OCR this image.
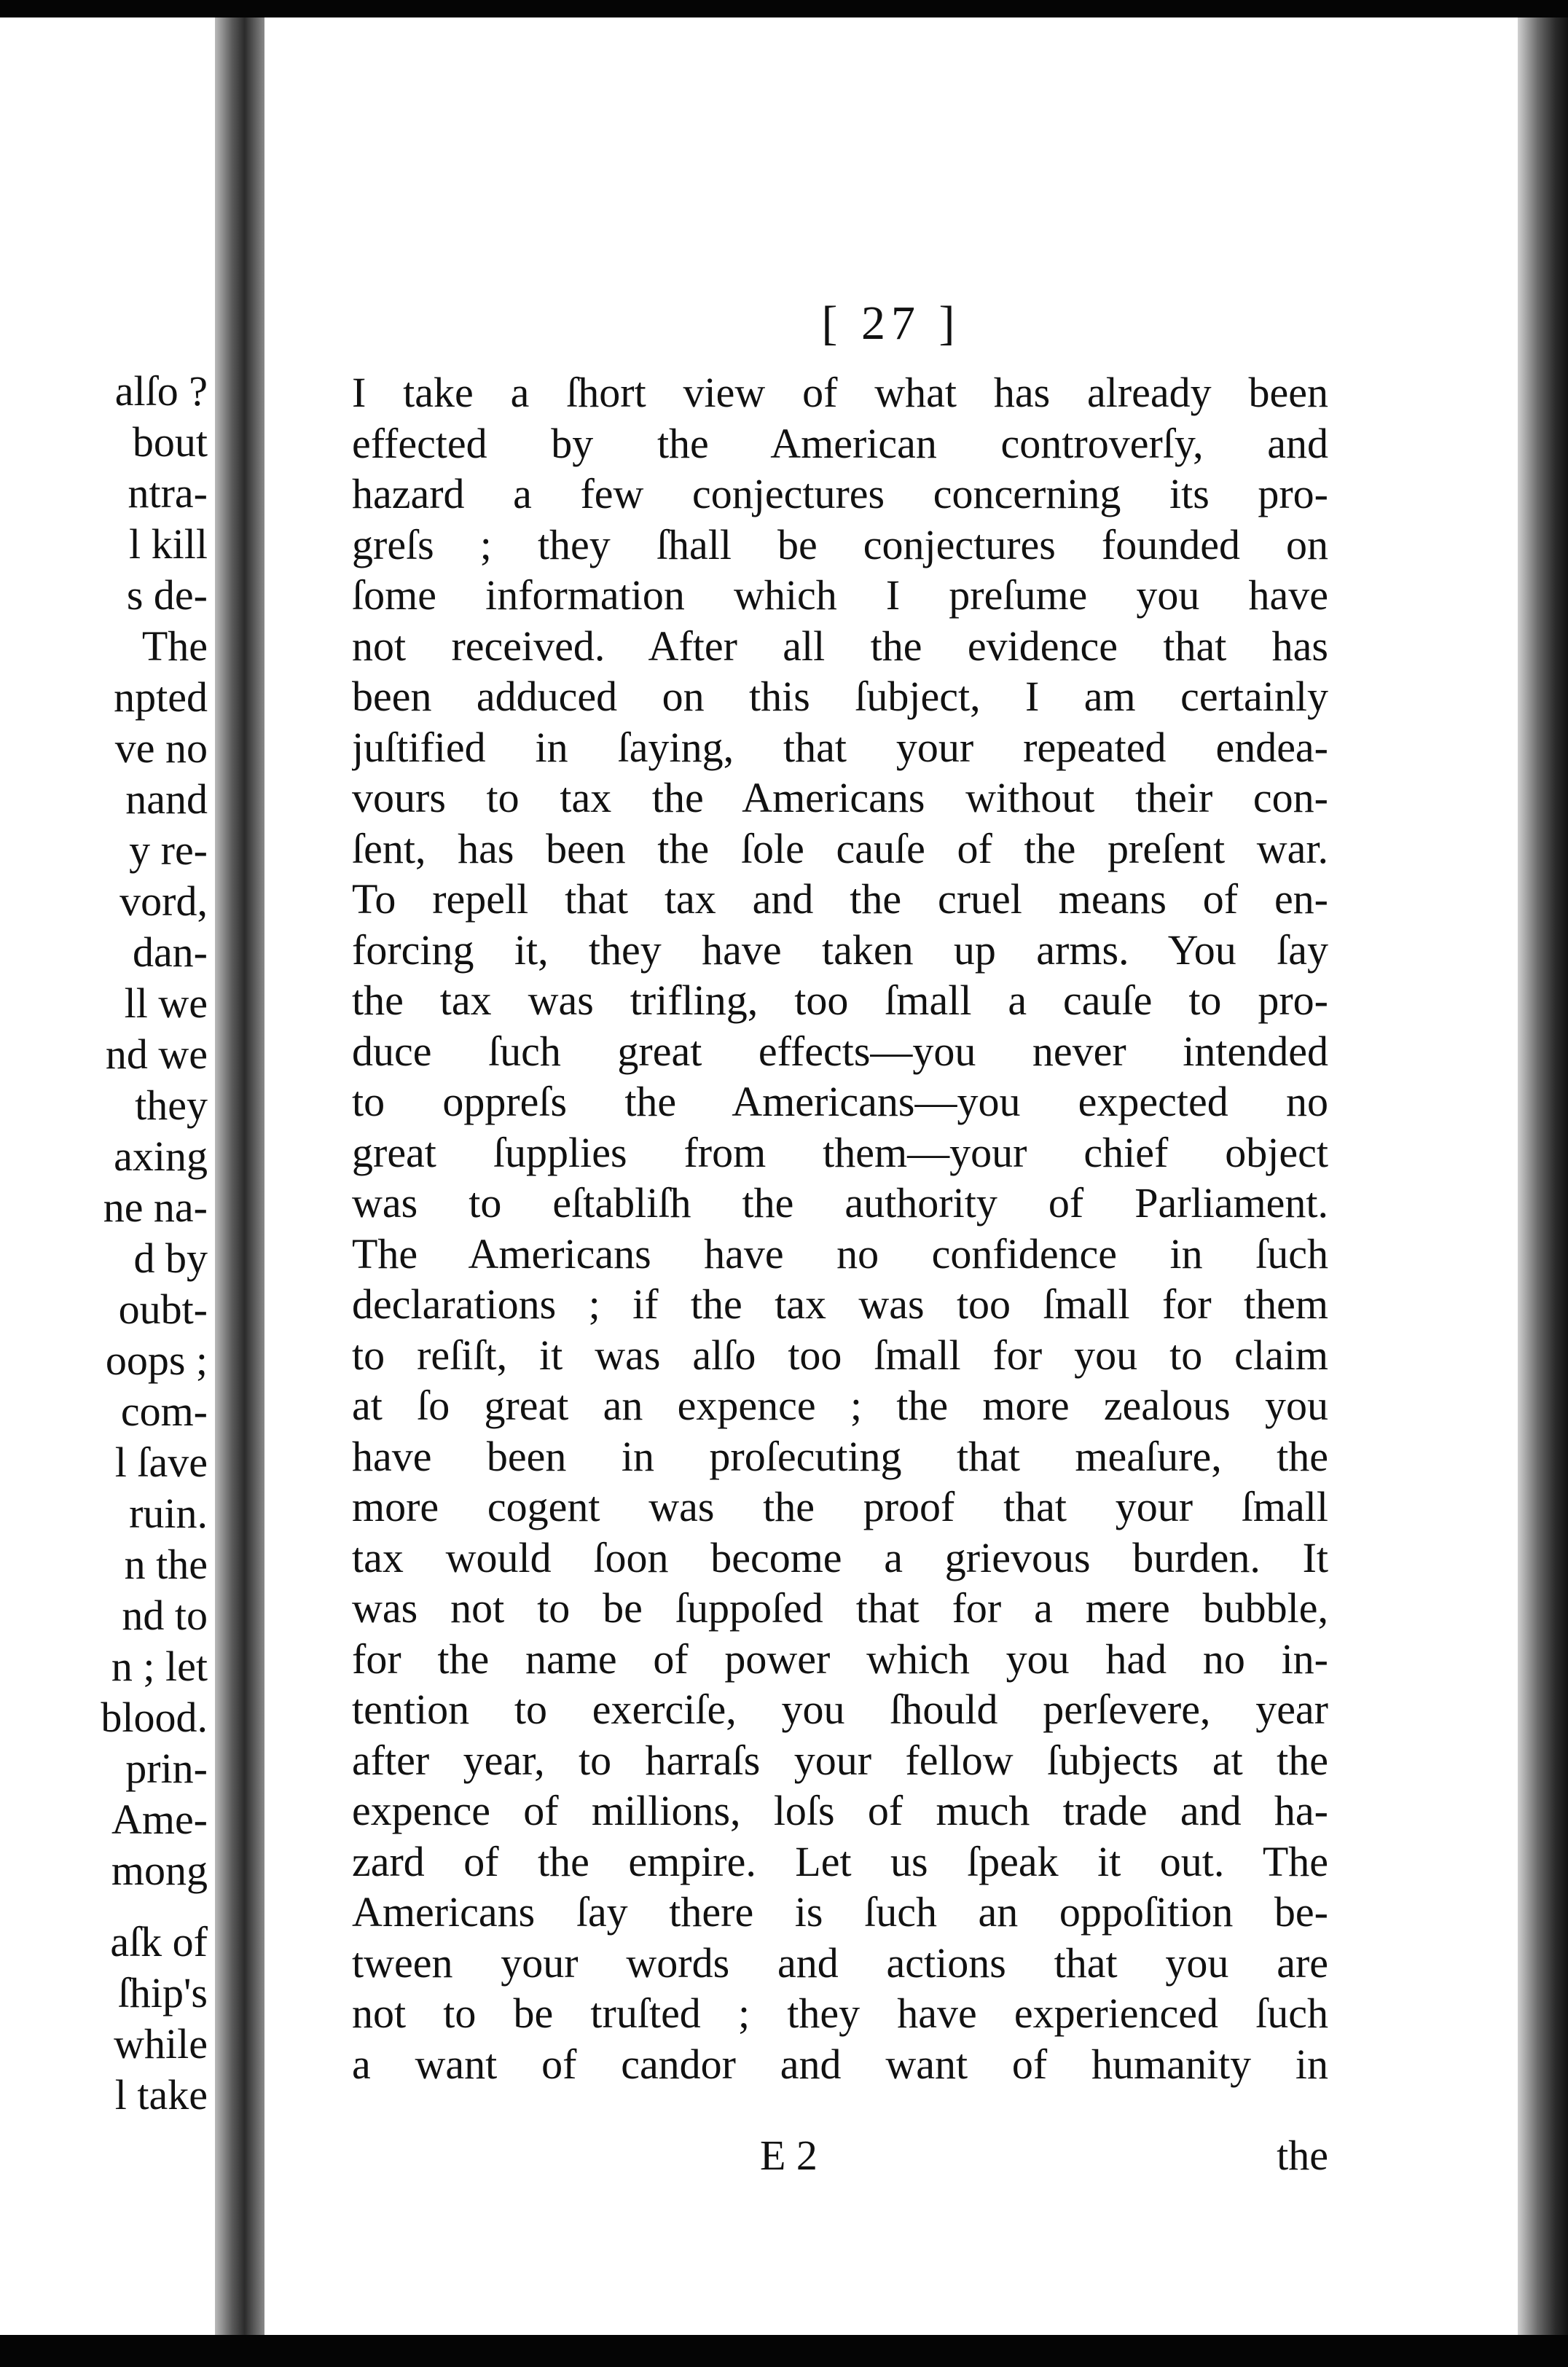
alſo ?
bout
ntra-
l kill
s de-
The
npted
ve no
nand
y re-
vord,
dan-
ll we
nd we
they
axing
ne na-
d by
oubt-
oops ;
com-
l ſave
ruin.
n the
nd to
n ; let
blood.
prin-
Ame-
mong
aſk of
ſhip's
while
l take
[ 27 ]
I take a ſhort view of what has already been
effected by the American controverſy, and
hazard a few conjectures concerning its pro-
greſs ; they ſhall be conjectures founded on
ſome information which I preſume you have
not received. After all the evidence that has
been adduced on this ſubject, I am certainly
juſtified in ſaying, that your repeated endea-
vours to tax the Americans without their con-
ſent, has been the ſole cauſe of the preſent war.
To repell that tax and the cruel means of en-
forcing it, they have taken up arms. You ſay
the tax was trifling, too ſmall a cauſe to pro-
duce ſuch great effects—you never intended
to oppreſs the Americans—you expected no
great ſupplies from them—your chief object
was to eſtabliſh the authority of Parliament.
The Americans have no confidence in ſuch
declarations ; if the tax was too ſmall for them
to reſiſt, it was alſo too ſmall for you to claim
at ſo great an expence ; the more zealous you
have been in proſecuting that meaſure, the
more cogent was the proof that your ſmall
tax would ſoon become a grievous burden. It
was not to be ſuppoſed that for a mere bubble,
for the name of power which you had no in-
tention to exerciſe, you ſhould perſevere, year
after year, to harraſs your fellow ſubjects at the
expence of millions, loſs of much trade and ha-
zard of the empire. Let us ſpeak it out. The
Americans ſay there is ſuch an oppoſition be-
tween your words and actions that you are
not to be truſted ; they have experienced ſuch
a want of candor and want of humanity in
E 2	the
